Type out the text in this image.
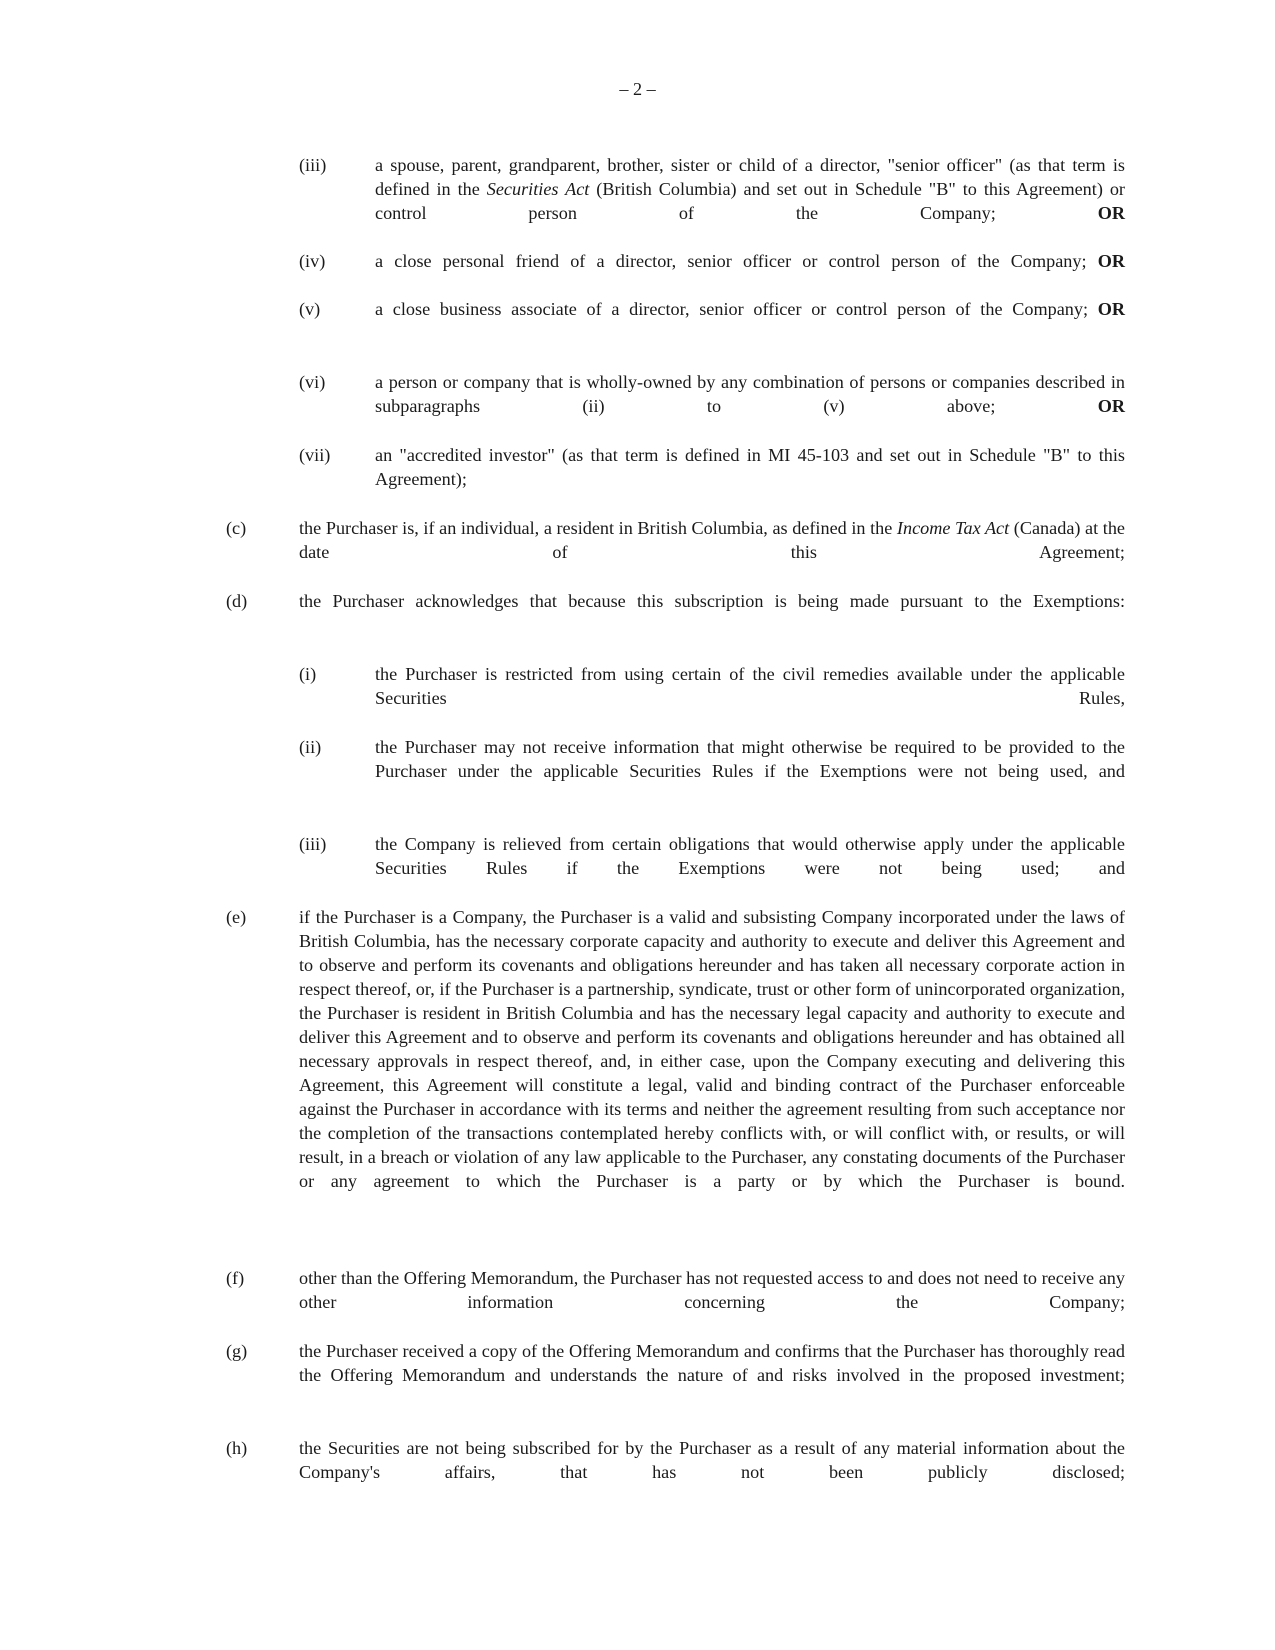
– 2 –
(iii)	a spouse, parent, grandparent, brother, sister or child of a director, "senior officer" (as that term is defined in the Securities Act (British Columbia) and set out in Schedule "B" to this Agreement) or control person of the Company; OR
(iv)	a close personal friend of a director, senior officer or control person of the Company; OR
(v)	a close business associate of a director, senior officer or control person of the Company; OR
(vi)	a person or company that is wholly-owned by any combination of persons or companies described in subparagraphs (ii) to (v) above; OR
(vii) an "accredited investor" (as that term is defined in MI 45-103 and set out in Schedule "B" to this Agreement);
(c)	the Purchaser is, if an individual, a resident in British Columbia, as defined in the Income Tax Act (Canada) at the date of this Agreement;
(d)	the Purchaser acknowledges that because this subscription is being made pursuant to the Exemptions:
(i)	the Purchaser is restricted from using certain of the civil remedies available under the applicable Securities Rules,
(ii)	the Purchaser may not receive information that might otherwise be required to be provided to the Purchaser under the applicable Securities Rules if the Exemptions were not being used, and
(iii)	the Company is relieved from certain obligations that would otherwise apply under the applicable Securities Rules if the Exemptions were not being used; and
(e)	if the Purchaser is a Company, the Purchaser is a valid and subsisting Company incorporated under the laws of British Columbia, has the necessary corporate capacity and authority to execute and deliver this Agreement and to observe and perform its covenants and obligations hereunder and has taken all necessary corporate action in respect thereof, or, if the Purchaser is a partnership, syndicate, trust or other form of unincorporated organization, the Purchaser is resident in British Columbia and has the necessary legal capacity and authority to execute and deliver this Agreement and to observe and perform its covenants and obligations hereunder and has obtained all necessary approvals in respect thereof, and, in either case, upon the Company executing and delivering this Agreement, this Agreement will constitute a legal, valid and binding contract of the Purchaser enforceable against the Purchaser in accordance with its terms and neither the agreement resulting from such acceptance nor the completion of the transactions contemplated hereby conflicts with, or will conflict with, or results, or will result, in a breach or violation of any law applicable to the Purchaser, any constating documents of the Purchaser or any agreement to which the Purchaser is a party or by which the Purchaser is bound.
(f)	other than the Offering Memorandum, the Purchaser has not requested access to and does not need to receive any other information concerning the Company;
(g)	the Purchaser received a copy of the Offering Memorandum and confirms that the Purchaser has thoroughly read the Offering Memorandum and understands the nature of and risks involved in the proposed investment;
(h)	the Securities are not being subscribed for by the Purchaser as a result of any material information about the Company's affairs, that has not been publicly disclosed;
